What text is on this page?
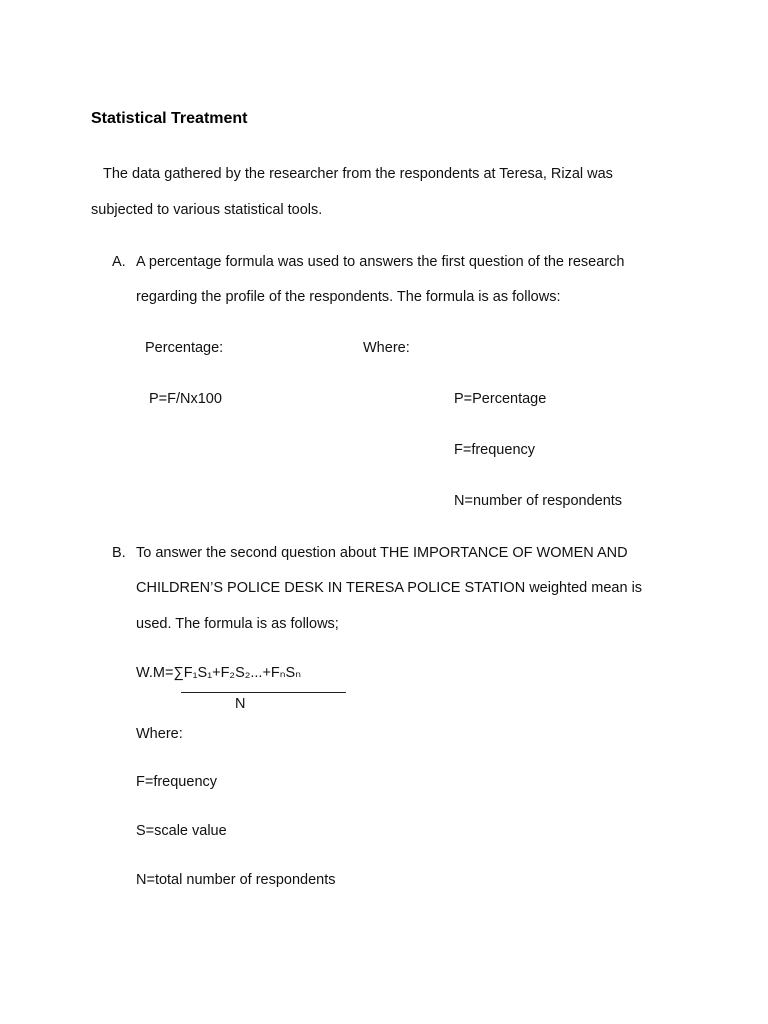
Statistical Treatment
The data gathered by the researcher from the respondents at Teresa, Rizal was
subjected to various statistical tools.
A. A percentage formula was used to answers the first question of the research
regarding the profile of the respondents. The formula is as follows:
Percentage:	Where:
P=F/Nx100	P=Percentage
F=frequency
N=number of respondents
B. To answer the second question about THE IMPORTANCE OF WOMEN AND
CHILDREN’S POLICE DESK IN TERESA POLICE STATION weighted mean is
used. The formula is as follows;
W.M=∑F₁S₁+F₂S₂...+FₙSₙ
N
Where:
F=frequency
S=scale value
N=total number of respondents
